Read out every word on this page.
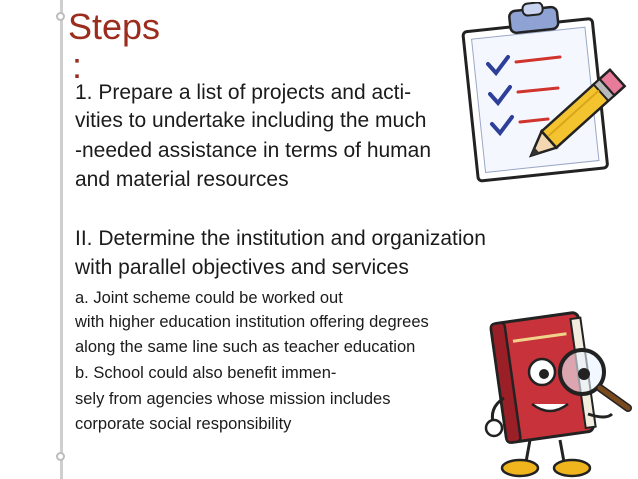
Steps
:

1. Prepare a list of projects and acti-

vities to undertake including the much

-needed assistance in terms of human

and material resources

II. Determine the institution and organization

with parallel objectives and services

a. Joint scheme could be worked out

with higher education institution offering degrees

along the same line such as teacher education

b. School could also benefit immen-

sely from agencies whose mission includes

corporate social responsibility
